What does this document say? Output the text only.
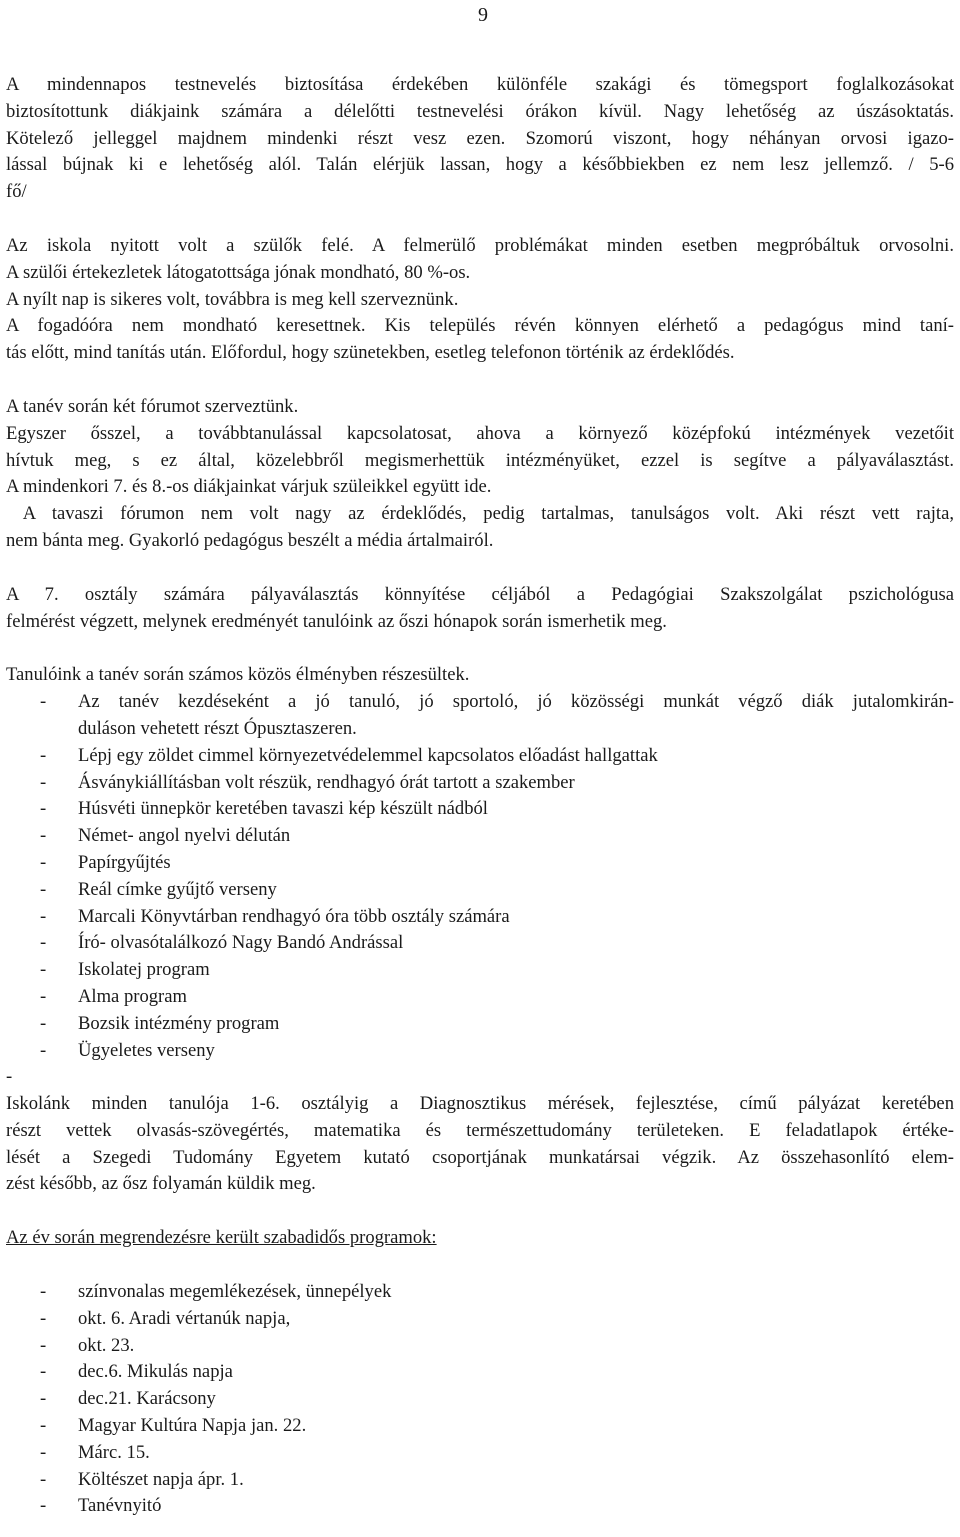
9
A mindennapos testnevelés biztosítása érdekében különféle szakági és tömegsport foglalkozásokat
biztosítottunk diákjaink számára a délelőtti testnevelési órákon kívül. Nagy lehetőség az úszásoktatás.
Kötelező jelleggel majdnem mindenki részt vesz ezen. Szomorú viszont, hogy néhányan orvosi igazo-
lással bújnak ki e lehetőség alól. Talán elérjük lassan, hogy a későbbiekben ez nem lesz jellemző. / 5-6
fő/
Az iskola nyitott volt a szülők felé. A felmerülő problémákat minden esetben megpróbáltuk orvosolni.
A szülői értekezletek látogatottsága jónak mondható, 80 %-os.
A nyílt nap is sikeres volt, továbbra is meg kell szerveznünk.
A fogadóóra nem mondható keresettnek. Kis település révén könnyen elérhető a pedagógus mind taní-
tás előtt, mind tanítás után. Előfordul, hogy szünetekben, esetleg telefonon történik az érdeklődés.
A tanév során két fórumot szerveztünk.
Egyszer ősszel, a továbbtanulással kapcsolatosat, ahova a környező középfokú intézmények vezetőit
hívtuk meg, s ez által, közelebbről megismerhettük intézményüket, ezzel is segítve a pályaválasztást.
A mindenkori 7. és 8.-os diákjainkat várjuk szüleikkel együtt ide.
A tavaszi fórumon nem volt nagy az érdeklődés, pedig tartalmas, tanulságos volt. Aki részt vett rajta,
nem bánta meg. Gyakorló pedagógus beszélt a média ártalmairól.
A 7. osztály számára pályaválasztás könnyítése céljából a Pedagógiai Szakszolgálat pszichológusa
felmérést végzett, melynek eredményét tanulóink az őszi hónapok során ismerhetik meg.
Tanulóink a tanév során számos közös élményben részesültek.
- Az tanév kezdéseként a jó tanuló, jó sportoló, jó közösségi munkát végző diák jutalomkirán-
duláson vehetett részt Ópusztaszeren.
- Lépj egy zöldet cimmel környezetvédelemmel kapcsolatos előadást hallgattak
- Ásványkiállításban volt részük, rendhagyó órát tartott a szakember
- Húsvéti ünnepkör keretében tavaszi kép készült nádból
- Német- angol nyelvi délután
- Papírgyűjtés
- Reál címke gyűjtő verseny
- Marcali Könyvtárban rendhagyó óra több osztály számára
- Író- olvasótalálkozó Nagy Bandó Andrással
- Iskolatej program
- Alma program
- Bozsik intézmény program
- Ügyeletes verseny
-
Iskolánk minden tanulója 1-6. osztályig a Diagnosztikus mérések, fejlesztése, című pályázat keretében
részt vettek olvasás-szövegértés, matematika és természettudomány területeken. E feladatlapok értéke-
lését a Szegedi Tudomány Egyetem kutató csoportjának munkatársai végzik. Az összehasonlító elem-
zést később, az ősz folyamán küldik meg.
Az év során megrendezésre került szabadidős programok:
- színvonalas megemlékezések, ünnepélyek
- okt. 6. Aradi vértanúk napja,
- okt. 23.
- dec.6. Mikulás napja
- dec.21. Karácsony
- Magyar Kultúra Napja jan. 22.
- Márc. 15.
- Költészet napja ápr. 1.
- Tanévnyitó
